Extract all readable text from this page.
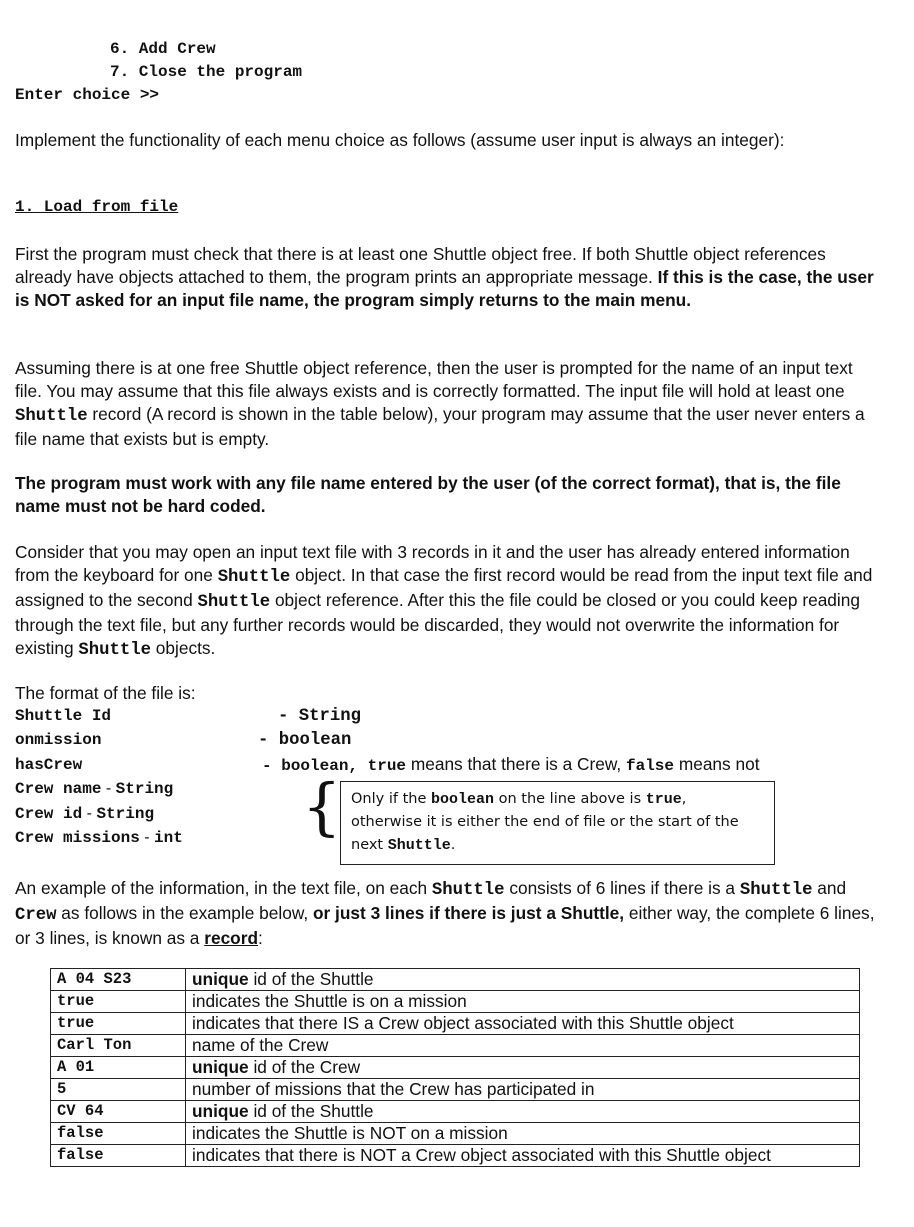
6. Add Crew
7. Close the program
Enter choice >>

Implement the functionality of each menu choice as follows (assume user input is always an integer):

1. Load from file

First the program must check that there is at least one Shuttle object free. If both Shuttle object references already have objects attached to them, the program prints an appropriate message. If this is the case, the user is NOT asked for an input file name, the program simply returns to the main menu.

Assuming there is at one free Shuttle object reference, then the user is prompted for the name of an input text file. You may assume that this file always exists and is correctly formatted. The input file will hold at least one Shuttle record (A record is shown in the table below), your program may assume that the user never enters a file name that exists but is empty.

The program must work with any file name entered by the user (of the correct format), that is, the file name must not be hard coded.

Consider that you may open an input text file with 3 records in it and the user has already entered information from the keyboard for one Shuttle object. In that case the first record would be read from the input text file and assigned to the second Shuttle object reference. After this the file could be closed or you could keep reading through the text file, but any further records would be discarded, they would not overwrite the information for existing Shuttle objects.

The format of the file is:
Shuttle Id	- String
onmission	- boolean
hasCrew	- boolean, true means that there is a Crew, false means not
Crew name - String
Crew id - String
Crew missions - int { Only if the boolean on the line above is true,
otherwise it is either the end of file or the start of the
next Shuttle.

An example of the information, in the text file, on each Shuttle consists of 6 lines if there is a Shuttle and Crew as follows in the example below, or just 3 lines if there is just a Shuttle, either way, the complete 6 lines, or 3 lines, is known as a record:

A 04 S23	unique id of the Shuttle
true	indicates the Shuttle is on a mission
true	indicates that there IS a Crew object associated with this Shuttle object
Carl Ton	name of the Crew
A 01	unique id of the Crew
5	number of missions that the Crew has participated in
CV 64	unique id of the Shuttle
false	indicates the Shuttle is NOT on a mission
false	indicates that there is NOT a Crew object associated with this Shuttle object
